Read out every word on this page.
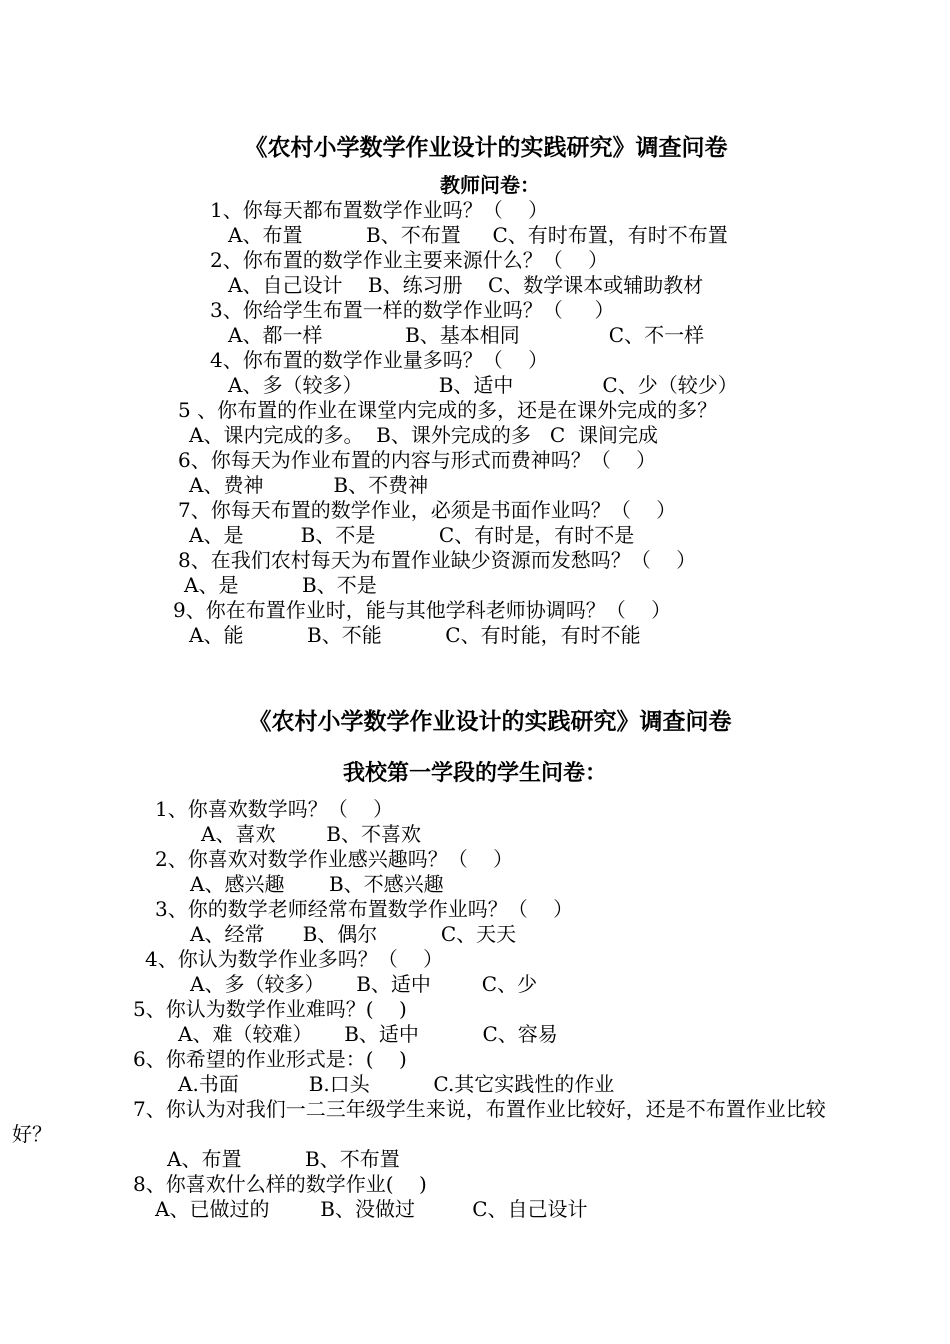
《农村小学数学作业设计的实践研究》调查问卷
教师问卷：
1、你每天都布置数学作业吗？（    ）
A、布置          B、不布置     C、有时布置，有时不布置
2、你布置的数学作业主要来源什么？（    ）
A、自己设计    B、练习册    C、数学课本或辅助教材
3、你给学生布置一样的数学作业吗？（     ）
A、都一样             B、基本相同              C、不一样
4、你布置的数学作业量多吗？（    ）
A、多（较多）            B、适中              C、少（较少）
5 、你布置的作业在课堂内完成的多，还是在课外完成的多？
A、课内完成的多。  B、课外完成的多   C  课间完成
6、你每天为作业布置的内容与形式而费神吗？（    ）
A、费神           B、不费神
7、你每天布置的数学作业，必须是书面作业吗？（    ）
A、是         B、不是          C、有时是，有时不是
8、在我们农村每天为布置作业缺少资源而发愁吗？（    ）
A、是          B、不是
9、你在布置作业时，能与其他学科老师协调吗？（    ）
A、能          B、不能          C、有时能，有时不能
《农村小学数学作业设计的实践研究》调查问卷
我校第一学段的学生问卷：
1、你喜欢数学吗？（    ）
A、喜欢        B、不喜欢
2、你喜欢对数学作业感兴趣吗？（    ）
A、感兴趣       B、不感兴趣
3、你的数学老师经常布置数学作业吗？（    ）
A、经常      B、偶尔          C、天天
4、你认为数学作业多吗？（    ）
A、多（较多）     B、适中        C、少
5、你认为数学作业难吗？(    )
A、难（较难）     B、适中          C、容易
6、你希望的作业形式是：(    )
A.书面           B.口头          C.其它实践性的作业
7、你认为对我们一二三年级学生来说，布置作业比较好，还是不布置作业比较
好？
A、布置          B、不布置
8、你喜欢什么样的数学作业(    )
A、已做过的        B、没做过         C、自己设计
